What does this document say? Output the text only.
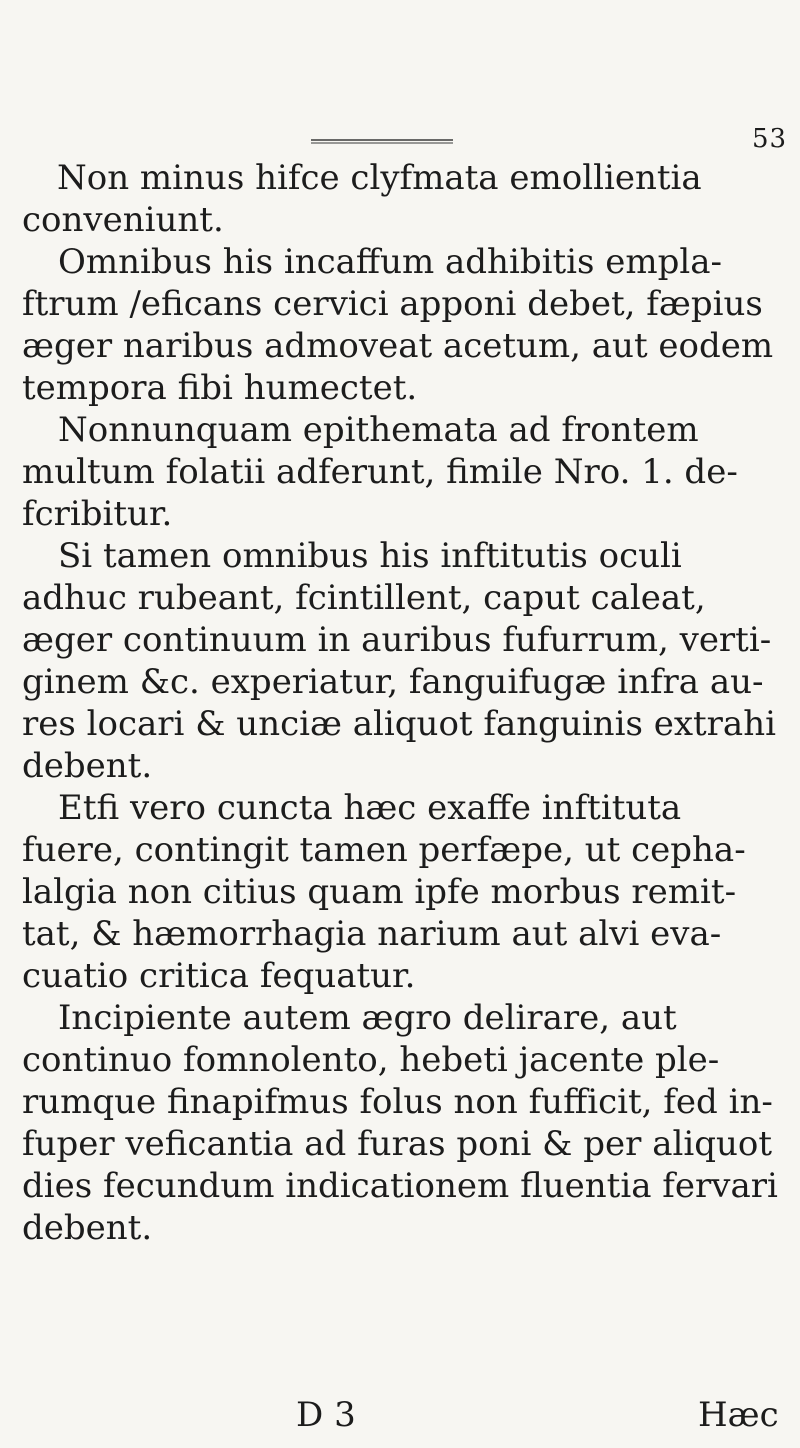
53
Non minus hifce clyfmata emollientia
conveniunt.
Omnibus his incaffum adhibitis empla-
ftrum /eficans cervici apponi debet, fæpius
æger naribus admoveat acetum, aut eodem
tempora fibi humectet.
Nonnunquam epithemata ad frontem
multum folatii adferunt, fimile Nro. 1. de-
fcribitur.
Si tamen omnibus his inftitutis oculi
adhuc rubeant, fcintillent, caput caleat,
æger continuum in auribus fufurrum, verti-
ginem &c. experiatur, fanguifugæ infra au-
res locari & unciæ aliquot fanguinis extrahi
debent.
Etfi vero cuncta hæc exaffe inftituta
fuere, contingit tamen perfæpe, ut cepha-
lalgia non citius quam ipfe morbus remit-
tat, & hæmorrhagia narium aut alvi eva-
cuatio critica fequatur.
Incipiente autem ægro delirare, aut
continuo fomnolento, hebeti jacente ple-
rumque finapifmus folus non fufficit, fed in-
fuper veficantia ad furas poni & per aliquot
dies fecundum indicationem fluentia fervari
debent.
D 3	Hæc
